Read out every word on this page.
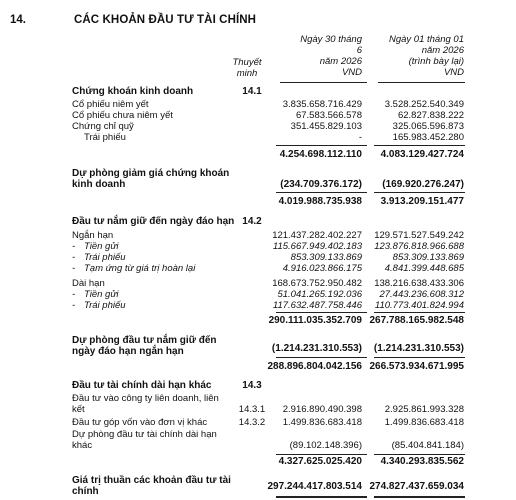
14.	CÁC KHOẢN ĐẦU TƯ TÀI CHÍNH
Thuyết minh
Ngày 30 tháng 6
năm 2026
VND
Ngày 01 tháng 01
năm 2026
(trình bày lại)
VND
Chứng khoán kinh doanh	14.1
Cổ phiếu niêm yết	3.835.658.716.429 3.528.252.540.349
Cổ phiếu chưa niêm yết	67.583.566.578	62.827.838.222
Chứng chỉ quỹ	351.455.829.103	325.065.596.873
Trái phiếu	-	165.983.452.280
4.254.698.112.110 4.083.129.427.724
Dự phòng giảm giá chứng khoán kinh doanh	(234.709.376.172) (169.920.276.247)
4.019.988.735.938 3.913.209.151.477
Đầu tư nắm giữ đến ngày đáo hạn 14.2
Ngắn hạn	121.437.282.402.227 129.571.527.549.242
- Tiền gửi	115.667.949.402.183 123.876.818.966.688
- Trái phiếu	853.309.133.869	853.309.133.869
- Tạm ứng từ giá trị hoàn lại	4.916.023.866.175 4.841.399.448.685
Dài hạn	168.673.752.950.482 138.216.638.433.306
- Tiền gửi	51.041.265.192.036 27.443.236.608.312
- Trái phiếu	117.632.487.758.446 110.773.401.824.994
290.111.035.352.709 267.788.165.982.548
Dự phòng đầu tư nắm giữ đến ngày đáo hạn ngắn hạn	(1.214.231.310.553) (1.214.231.310.553)
288.896.804.042.156 266.573.934.671.995
Đầu tư tài chính dài hạn khác	14.3
Đầu tư vào công ty liên doanh, liên kết	14.3.1 2.916.890.490.398 2.925.861.993.328
Đầu tư góp vốn vào đơn vị khác	14.3.2 1.499.836.683.418 1.499.836.683.418
Dự phòng đầu tư tài chính dài hạn khác	(89.102.148.396)	(85.404.841.184)
4.327.625.025.420 4.340.293.835.562
Giá trị thuần các khoản đầu tư tài chính	297.244.417.803.514 274.827.437.659.034
